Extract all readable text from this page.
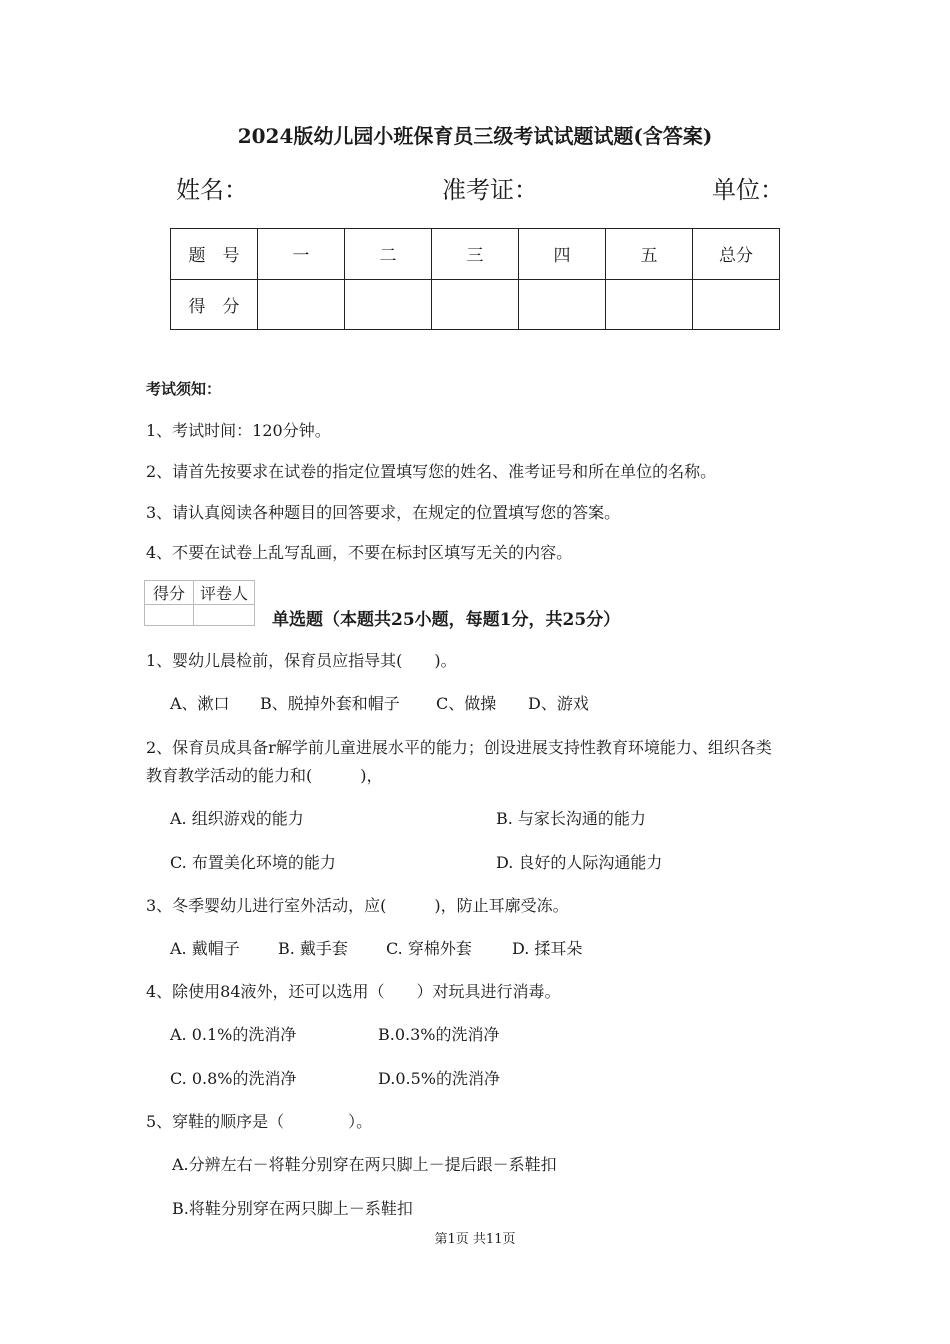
2024版幼儿园小班保育员三级考试试题试题(含答案)
姓名：	准考证：	单位：
题　号	一	二	三	四	五	总分
得　分						
考试须知：
1、考试时间：120分钟。
2、请首先按要求在试卷的指定位置填写您的姓名、准考证号和所在单位的名称。
3、请认真阅读各种题目的回答要求，在规定的位置填写您的答案。
4、不要在试卷上乱写乱画，不要在标封区填写无关的内容。
得分	评卷人

单选题（本题共25小题，每题1分，共25分）
1、婴幼儿晨检前，保育员应指导其(　　)。
A、漱口 B、脱掉外套和帽子 C、做操 D、游戏
2、保育员成具备r解学前儿童进展水平的能力；创设进展支持性教育环境能力、组织各类
教育教学活动的能力和(　　　)，
A. 组织游戏的能力	B. 与家长沟通的能力
C. 布置美化环境的能力	D. 良好的人际沟通能力
3、冬季婴幼儿进行室外活动，应(　　　)，防止耳廓受冻。
A. 戴帽子 B. 戴手套 C. 穿棉外套	D. 揉耳朵
4、除使用84液外，还可以选用（　　）对玩具进行消毒。
A. 0.1%的洗消净	B.0.3%的洗消净
C. 0.8%的洗消净	D.0.5%的洗消净
5、穿鞋的顺序是（　　　　）。
A.分辨左右－将鞋分别穿在两只脚上－提后跟－系鞋扣
B.将鞋分别穿在两只脚上－系鞋扣
第1页 共11页
